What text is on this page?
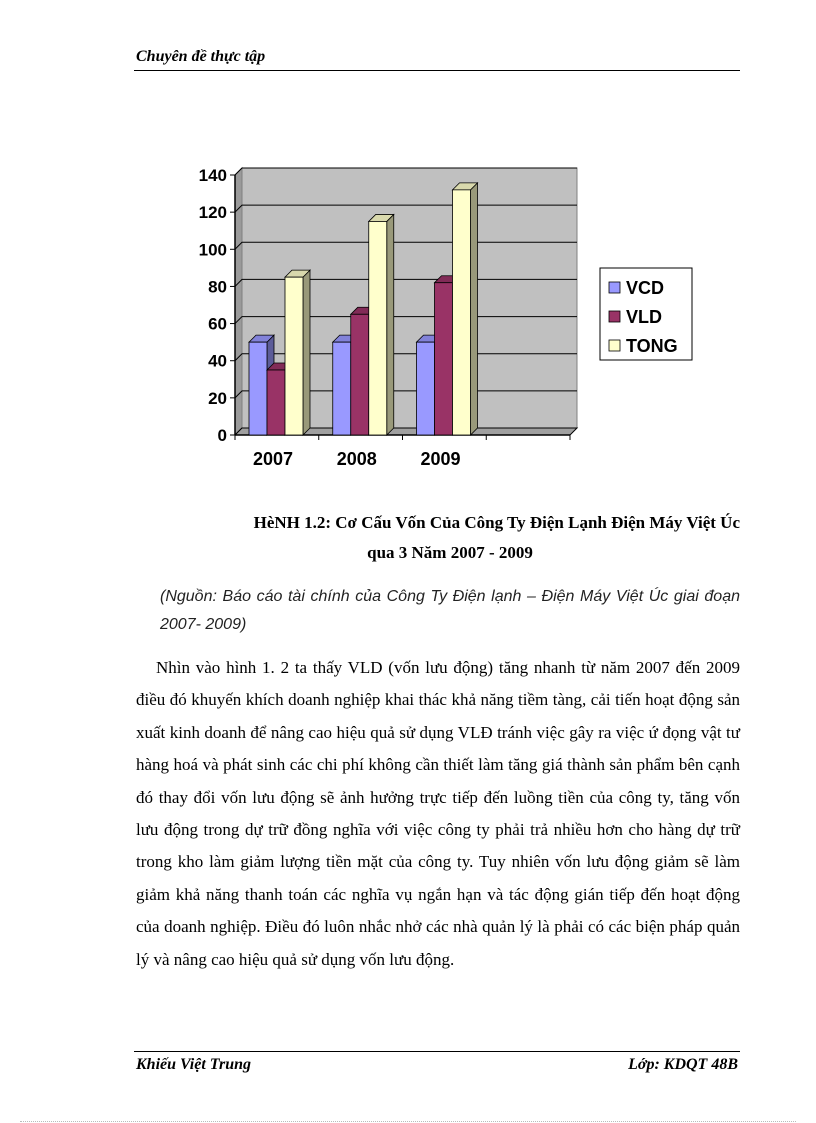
Chuyên đề thực tập
0
20
40
60
80
100
120
140
2007 2008 2009
VCD
VLD
TONG
HèNH 1.2: Cơ Cấu Vốn Của Công Ty Điện Lạnh Điện Máy Việt Úc
qua 3 Năm 2007 - 2009
(Nguồn: Báo cáo tài chính của Công Ty Điện lạnh – Điện Máy Việt Úc giai đoạn 2007- 2009)

Nhìn vào hình 1. 2 ta thấy VLD (vốn lưu động) tăng nhanh từ năm 2007 đến 2009 điều đó khuyến khích doanh nghiệp khai thác khả năng tiềm tàng, cải tiến hoạt động sản xuất kinh doanh để nâng cao hiệu quả sử dụng VLĐ tránh việc gây ra việc ứ đọng vật tư hàng hoá và phát sinh các chi phí không cần thiết làm tăng giá thành sản phẩm bên cạnh đó thay đổi vốn lưu động sẽ ảnh hưởng trực tiếp đến luồng tiền của công ty, tăng vốn lưu động trong dự trữ đồng nghĩa với việc công ty phải trả nhiều hơn cho hàng dự trữ trong kho làm giảm lượng tiền mặt của công ty. Tuy nhiên vốn lưu động giảm sẽ làm giảm khả năng thanh toán các nghĩa vụ ngắn hạn và tác động gián tiếp đến hoạt động của doanh nghiệp. Điều đó luôn nhắc nhở các nhà quản lý là phải có các biện pháp quản lý và nâng cao hiệu quả sử dụng vốn lưu động.

Khiếu Việt Trung	Lớp: KDQT 48B
